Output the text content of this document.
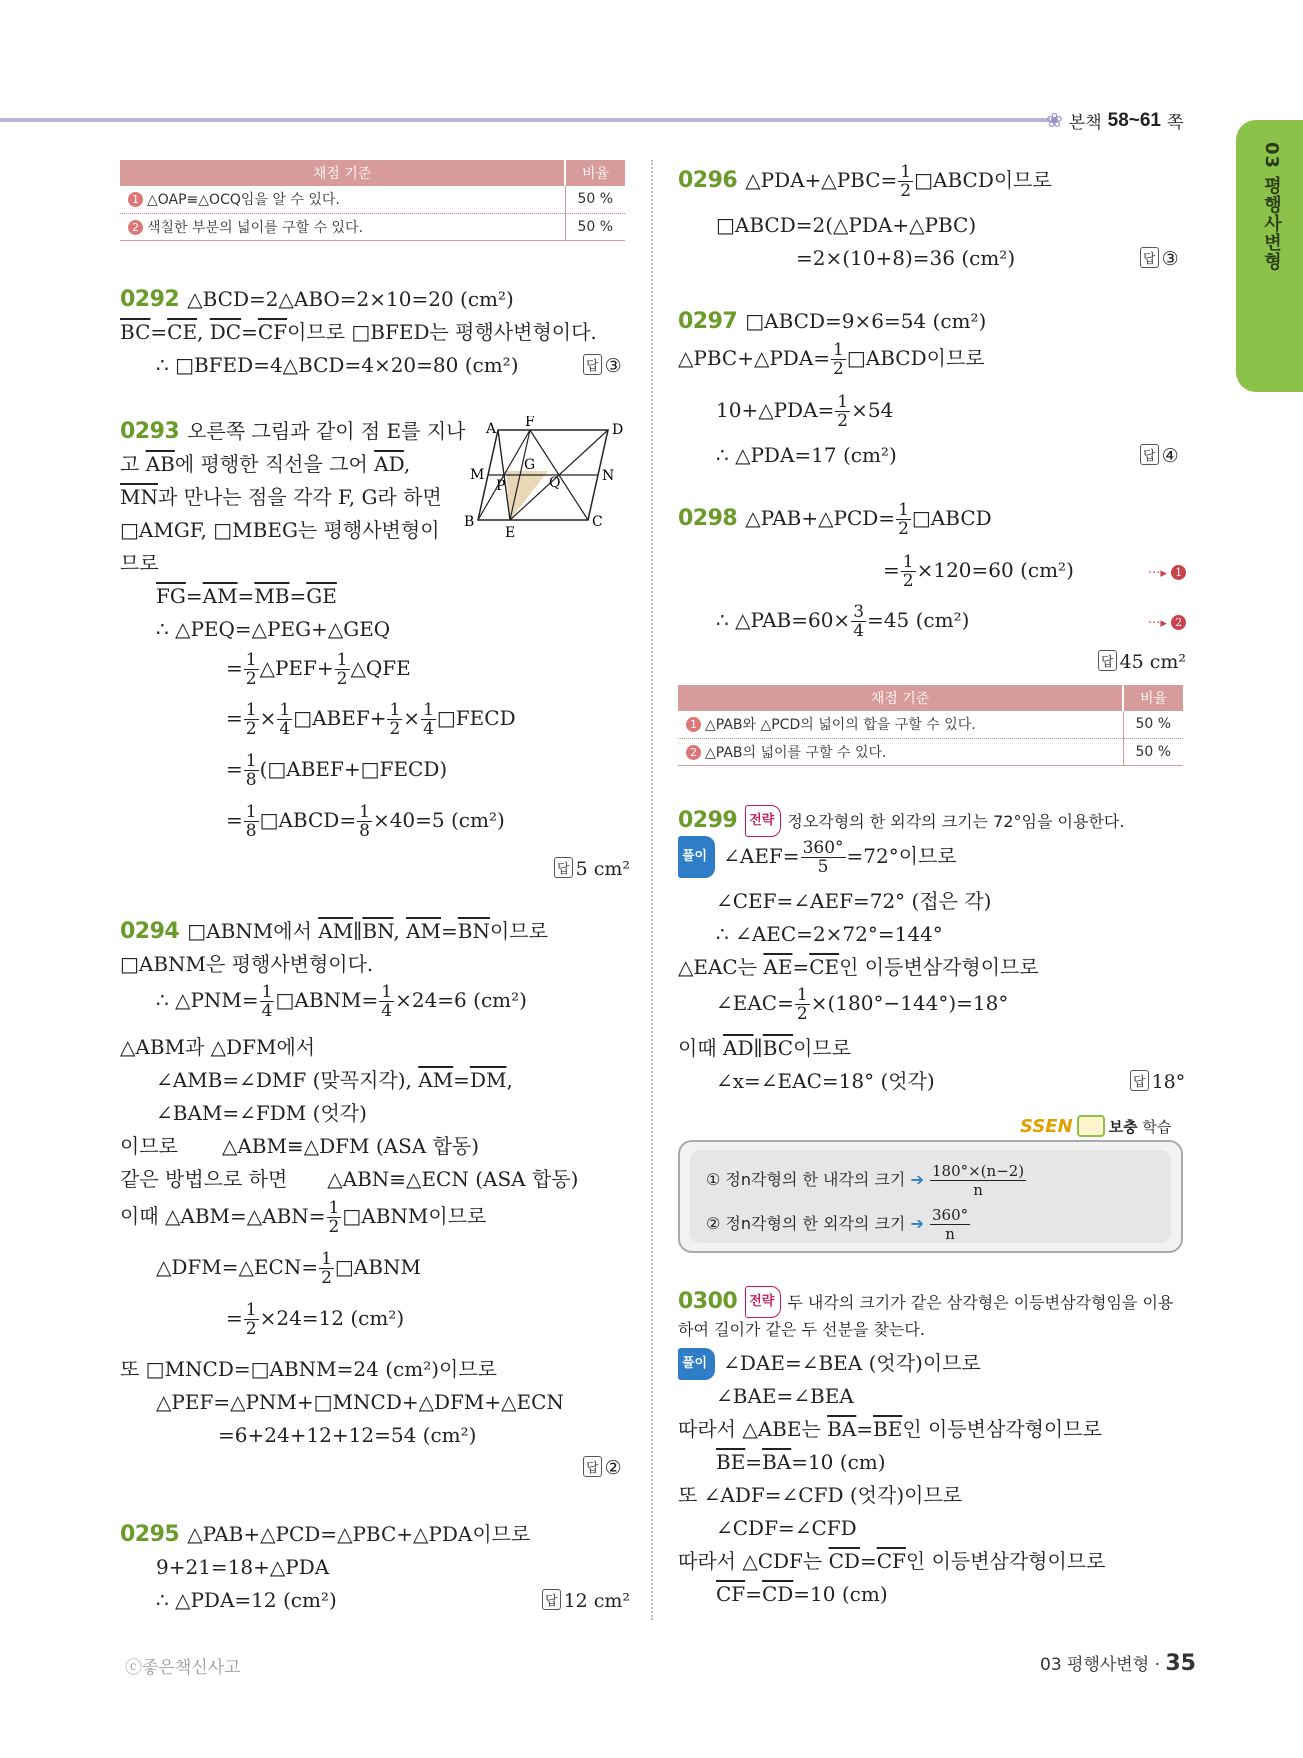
❀ 본책 58~61 쪽
03 평행사변형
채점 기준	비율
1 △OAP≡△OCQ임을 알 수 있다.	50 %
2 색칠한 부분의 넓이를 구할 수 있다.	50 %
0292 △BCD=2△ABO=2×10=20 (cm²)
$\overline{BC}=\overline{CE}$, $\overline{DC}=\overline{CF}$이므로 □BFED는 평행사변형이다.
∴ □BFED=4△BCD=4×20=80 (cm²)	답 ③
0293 오른쪽 그림과 같이 점 E를 지나
고 $\overline{AB}$에 평행한 직선을 그어 $\overline{AD}$,
$\overline{MN}$과 만나는 점을 각각 F, G라 하면
□AMGF, □MBEG는 평행사변형이
므로
A F	D
M
G
N
P	Q
B
E
C
$\overline{FG}=\overline{AM}=\overline{MB}=\overline{GE}$
∴ △PEQ=△PEG+△GEQ
= $\frac{1}{2}$ △PEF+ $\frac{1}{2}$ △QFE
= $\frac{1}{2} \times \frac{1}{4}$ □ABEF+ $\frac{1}{2} \times \frac{1}{4}$ □FECD
= $\frac{1}{8}$ (□ABEF+□FECD)
= $\frac{1}{8}$ □ABCD= $\frac{1}{8} \times 40=5$ (cm²)
답 5 cm²
0294 □ABNM에서 $\overline{AM}\parallel\overline{BN}$, $\overline{AM}=\overline{BN}$이므로
□ABNM은 평행사변형이다.
∴ △PNM= $\frac{1}{4}$ □ABNM= $\frac{1}{4} \times 24=6$ (cm²)
△ABM과 △DFM에서
∠AMB=∠DMF (맞꼭지각), $\overline{AM}=\overline{DM}$,
∠BAM=∠FDM (엇각)
이므로 △ABM≡△DFM (ASA 합동)
같은 방법으로 하면 △ABN≡△ECN (ASA 합동)
이때 △ABM=△ABN= $\frac{1}{2}$ □ABNM이므로
△DFM=△ECN= $\frac{1}{2}$ □ABNM
= $\frac{1}{2} \times 24=12$ (cm²)
또 □MNCD=□ABNM=24 (cm²)이므로
△PEF=△PNM+□MNCD+△DFM+△ECN
=6+24+12+12=54 (cm²)
답 ②
0295 △PAB+△PCD=△PBC+△PDA이므로
9+21=18+△PDA
∴ △PDA=12 (cm²)	답 12 cm²
0296 △PDA+△PBC= $\frac{1}{2}$ □ABCD이므로
□ABCD=2(△PDA+△PBC)
=2×(10+8)=36 (cm²)	답 ③
0297 □ABCD=9×6=54 (cm²)
△PBC+△PDA= $\frac{1}{2}$ □ABCD이므로
10+△PDA= $\frac{1}{2} \times 54$
∴ △PDA=17 (cm²)	답 ④
0298 △PAB+△PCD= $\frac{1}{2}$ □ABCD
= $\frac{1}{2} \times 120=60$ (cm²)	···▸ 1
∴ △PAB=60× $\frac{3}{4} =45$ (cm²)	···▸ 2
답 45 cm²
채점 기준	비율
1 △PAB와 △PCD의 넓이의 합을 구할 수 있다.	50 %
2 △PAB의 넓이를 구할 수 있다.	50 %
0299 전략 정오각형의 한 외각의 크기는 72°임을 이용한다.
풀이 ∠AEF= $\frac{360^\circ}{5} =72^\circ$이므로
∠CEF=∠AEF=72° (접은 각)
∴ ∠AEC=2×72°=144°
△EAC는 $\overline{AE}=\overline{CE}$인 이등변삼각형이므로
∠EAC= $\frac{1}{2} \times(180^\circ-144^\circ)=18^\circ$
이때 $\overline{AD}\parallel\overline{BC}$이므로
∠x=∠EAC=18° (엇각)	답 18°
SSEN 보충 학습
① 정n각형의 한 내각의 크기 ➔ $\frac{180^\circ\times(n-2)}{n}$
② 정n각형의 한 외각의 크기 ➔ $\frac{360^\circ}{n}$
0300 전략 두 내각의 크기가 같은 삼각형은 이등변삼각형임을 이용
하여 길이가 같은 두 선분을 찾는다.
풀이 ∠DAE=∠BEA (엇각)이므로
∠BAE=∠BEA
따라서 △ABE는 $\overline{BA}=\overline{BE}$인 이등변삼각형이므로
$\overline{BE}=\overline{BA}=10$ (cm)
또 ∠ADF=∠CFD (엇각)이므로
∠CDF=∠CFD
따라서 △CDF는 $\overline{CD}=\overline{CF}$인 이등변삼각형이므로
$\overline{CF}=\overline{CD}=10$ (cm)
ⓒ좋은책신사고	03 평행사변형 · 35
